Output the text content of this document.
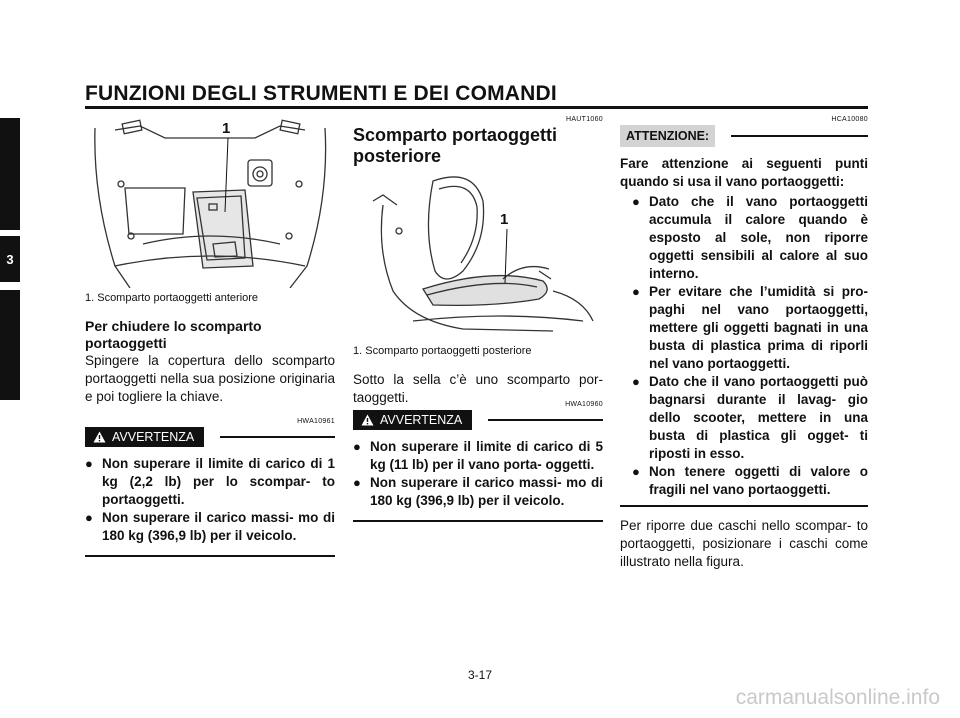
FUNZIONI DEGLI STRUMENTI E DEI COMANDI
3
1
1. Scomparto portaoggetti anteriore
Per chiudere lo scomparto portaoggetti
Spingere la copertura dello scomparto portaoggetti nella sua posizione originaria e poi togliere la chiave.
HWA10961
AVVERTENZA
● Non superare il limite di carico di 1 kg (2,2 lb) per lo scompar- to portaoggetti.
● Non superare il carico massi- mo di 180 kg (396,9 lb) per il veicolo.
HAUT1060
Scomparto portaoggetti posteriore
1
1. Scomparto portaoggetti posteriore
Sotto la sella c’è uno scomparto por- taoggetti.	HWA10960
AVVERTENZA
● Non superare il limite di carico di 5 kg (11 lb) per il vano porta- oggetti.
● Non superare il carico massi- mo di 180 kg (396,9 lb) per il veicolo.
HCA10080
ATTENZIONE:
Fare attenzione ai seguenti punti quando si usa il vano portaoggetti:
● Dato che il vano portaoggetti accumula il calore quando è esposto al sole, non riporre oggetti sensibili al calore al suo interno.
● Per evitare che l’umidità si pro- paghi nel vano portaoggetti, mettere gli oggetti bagnati in una busta di plastica prima di riporli nel vano portaoggetti.
● Dato che il vano portaoggetti può bagnarsi durante il lavag- gio dello scooter, mettere in una busta di plastica gli ogget- ti riposti in esso.
● Non tenere oggetti di valore o fragili nel vano portaoggetti.
Per riporre due caschi nello scompar- to portaoggetti, posizionare i caschi come illustrato nella figura.
3-17
carmanualsonline.info
